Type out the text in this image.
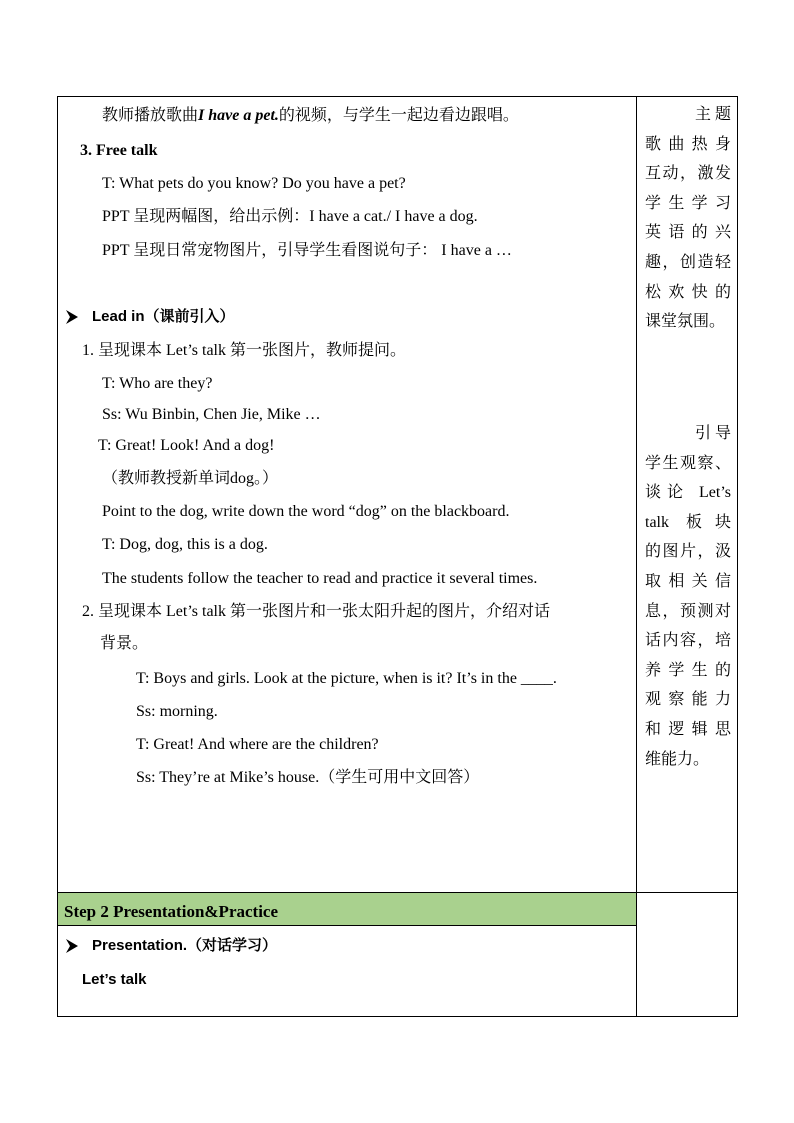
教师播放歌曲I have a pet.的视频，与学生一起边看边跟唱。
3. Free talk
T: What pets do you know? Do you have a pet?
PPT 呈现两幅图，给出示例：I have a cat./ I have a dog.
PPT 呈现日常宠物图片，引导学生看图说句子： I have a …
Lead in（课前引入）
1. 呈现课本 Let’s talk 第一张图片，教师提问。
T: Who are they?
Ss: Wu Binbin, Chen Jie, Mike …
T: Great! Look! And a dog!
（教师教授新单词dog。）
Point to the dog, write down the word “dog” on the blackboard.
T: Dog, dog, this is a dog.
The students follow the teacher to read and practice it several times.
2. 呈现课本 Let’s talk 第一张图片和一张太阳升起的图片，介绍对话
背景。
T: Boys and girls. Look at the picture, when is it? It’s in the ____.
Ss: morning.
T: Great! And where are the children?
Ss: They’re at Mike’s house.（学生可用中文回答）
Step 2 Presentation&Practice
Presentation.（对话学习）
Let’s talk
主 题
歌曲热身
互动，激发
学生学习
英语的兴
趣，创造轻
松欢快的
课堂氛围。
引 导
学生观察、
谈论 Let’s
talk 板块
的图片，汲
取相关信
息，预测对
话内容，培
养学生的
观察能力
和逻辑思
维能力。
